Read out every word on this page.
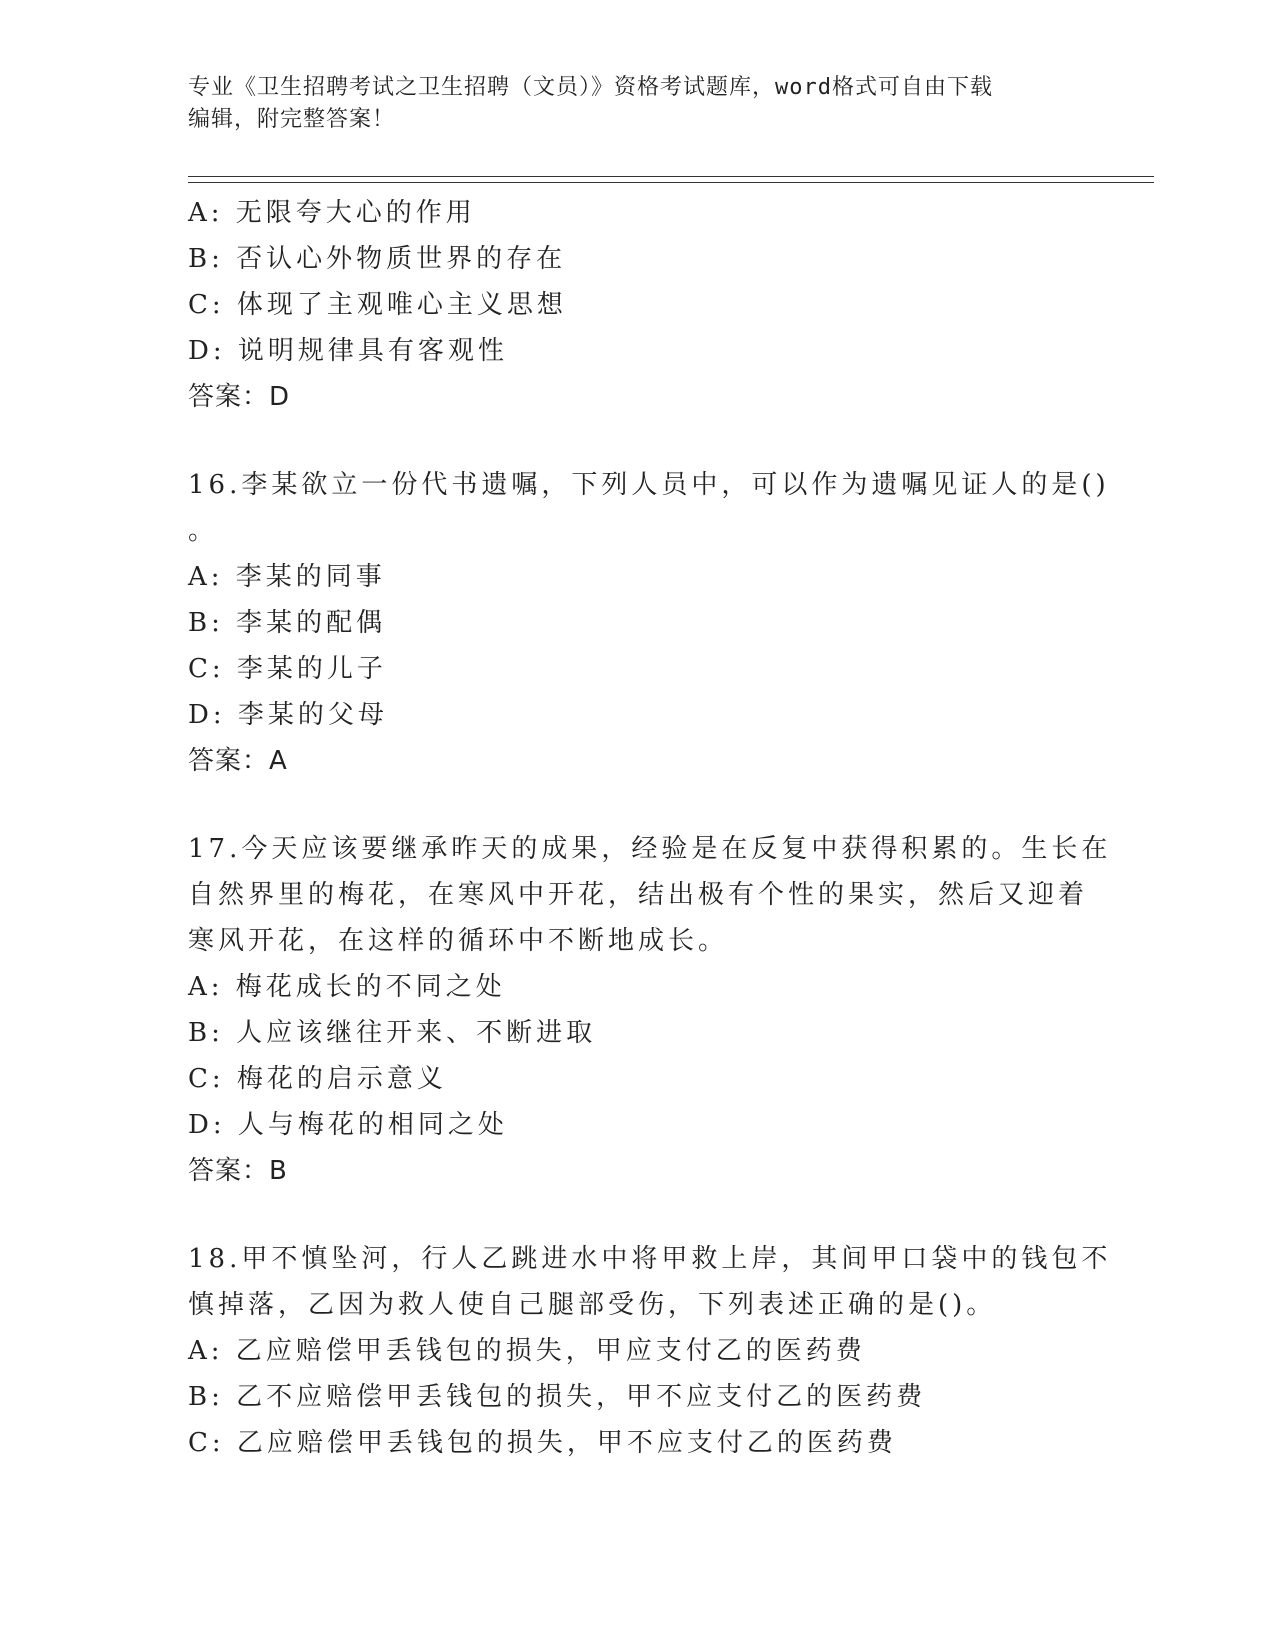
专业《卫生招聘考试之卫生招聘（文员）》资格考试题库，word格式可自由下载

编辑，附完整答案！

A: 无限夸大心的作用
B: 否认心外物质世界的存在
C: 体现了主观唯心主义思想
D: 说明规律具有客观性
答案：D
16.李某欲立一份代书遗嘱，下列人员中，可以作为遗嘱见证人的是()
。
A: 李某的同事
B: 李某的配偶
C: 李某的儿子
D: 李某的父母
答案：A
17.今天应该要继承昨天的成果，经验是在反复中获得积累的。生长在
自然界里的梅花，在寒风中开花，结出极有个性的果实，然后又迎着
寒风开花，在这样的循环中不断地成长。
A: 梅花成长的不同之处
B: 人应该继往开来、不断进取
C: 梅花的启示意义
D: 人与梅花的相同之处
答案：B
18.甲不慎坠河，行人乙跳进水中将甲救上岸，其间甲口袋中的钱包不
慎掉落，乙因为救人使自己腿部受伤，下列表述正确的是()。
A: 乙应赔偿甲丢钱包的损失，甲应支付乙的医药费
B: 乙不应赔偿甲丢钱包的损失，甲不应支付乙的医药费
C: 乙应赔偿甲丢钱包的损失，甲不应支付乙的医药费
